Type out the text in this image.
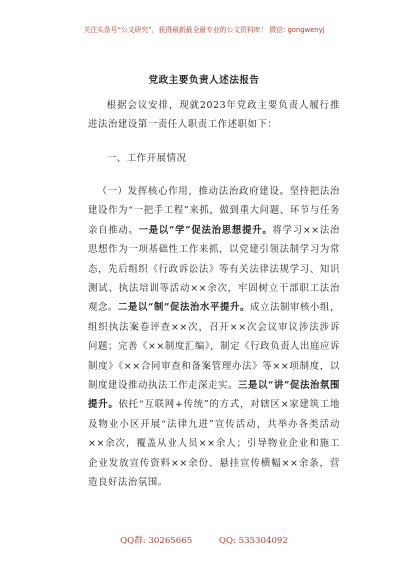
关注头条号“公文研究”，获得最新最全最专业的公文资料库！ 微信: gongwenyj
党政主要负责人述法报告
根据会议安排，现就2023年党政主要负责人履行推进法治建设第一责任人职责工作述职如下：
一、工作开展情况
（一）发挥核心作用，推动法治政府建设。坚持把法治建设作为“一把手工程”来抓，做到重大问题、环节与任务亲自推动。一是以“学”促法治思想提升。将学习××法治思想作为一项基础性工作来抓，以党建引领法制学习为常态，先后组织《行政诉讼法》等有关法律法规学习、知识测试、执法培训等活动××余次，牢固树立干部职工法治观念。二是以“制”促法治水平提升。成立法制审核小组，组织执法案卷评查××次，召开××次会议审议涉法涉诉问题；完善《××制度汇编》，制定《行政负责人出庭应诉制度》《××合同审查和备案管理办法》等××项制度，以制度建设推动执法工作走深走实。三是以“讲”促法治氛围提升。依托“互联网+传统”的方式，对辖区×家建筑工地及物业小区开展“法律九进”宣传活动，共举办各类活动××余次，覆盖从业人员××余人；引导物业企业和施工企业发放宣传资料××余份、悬挂宣传横幅××余条，营造良好法治氛围。
QQ群: 30265665	QQ: 535304092
